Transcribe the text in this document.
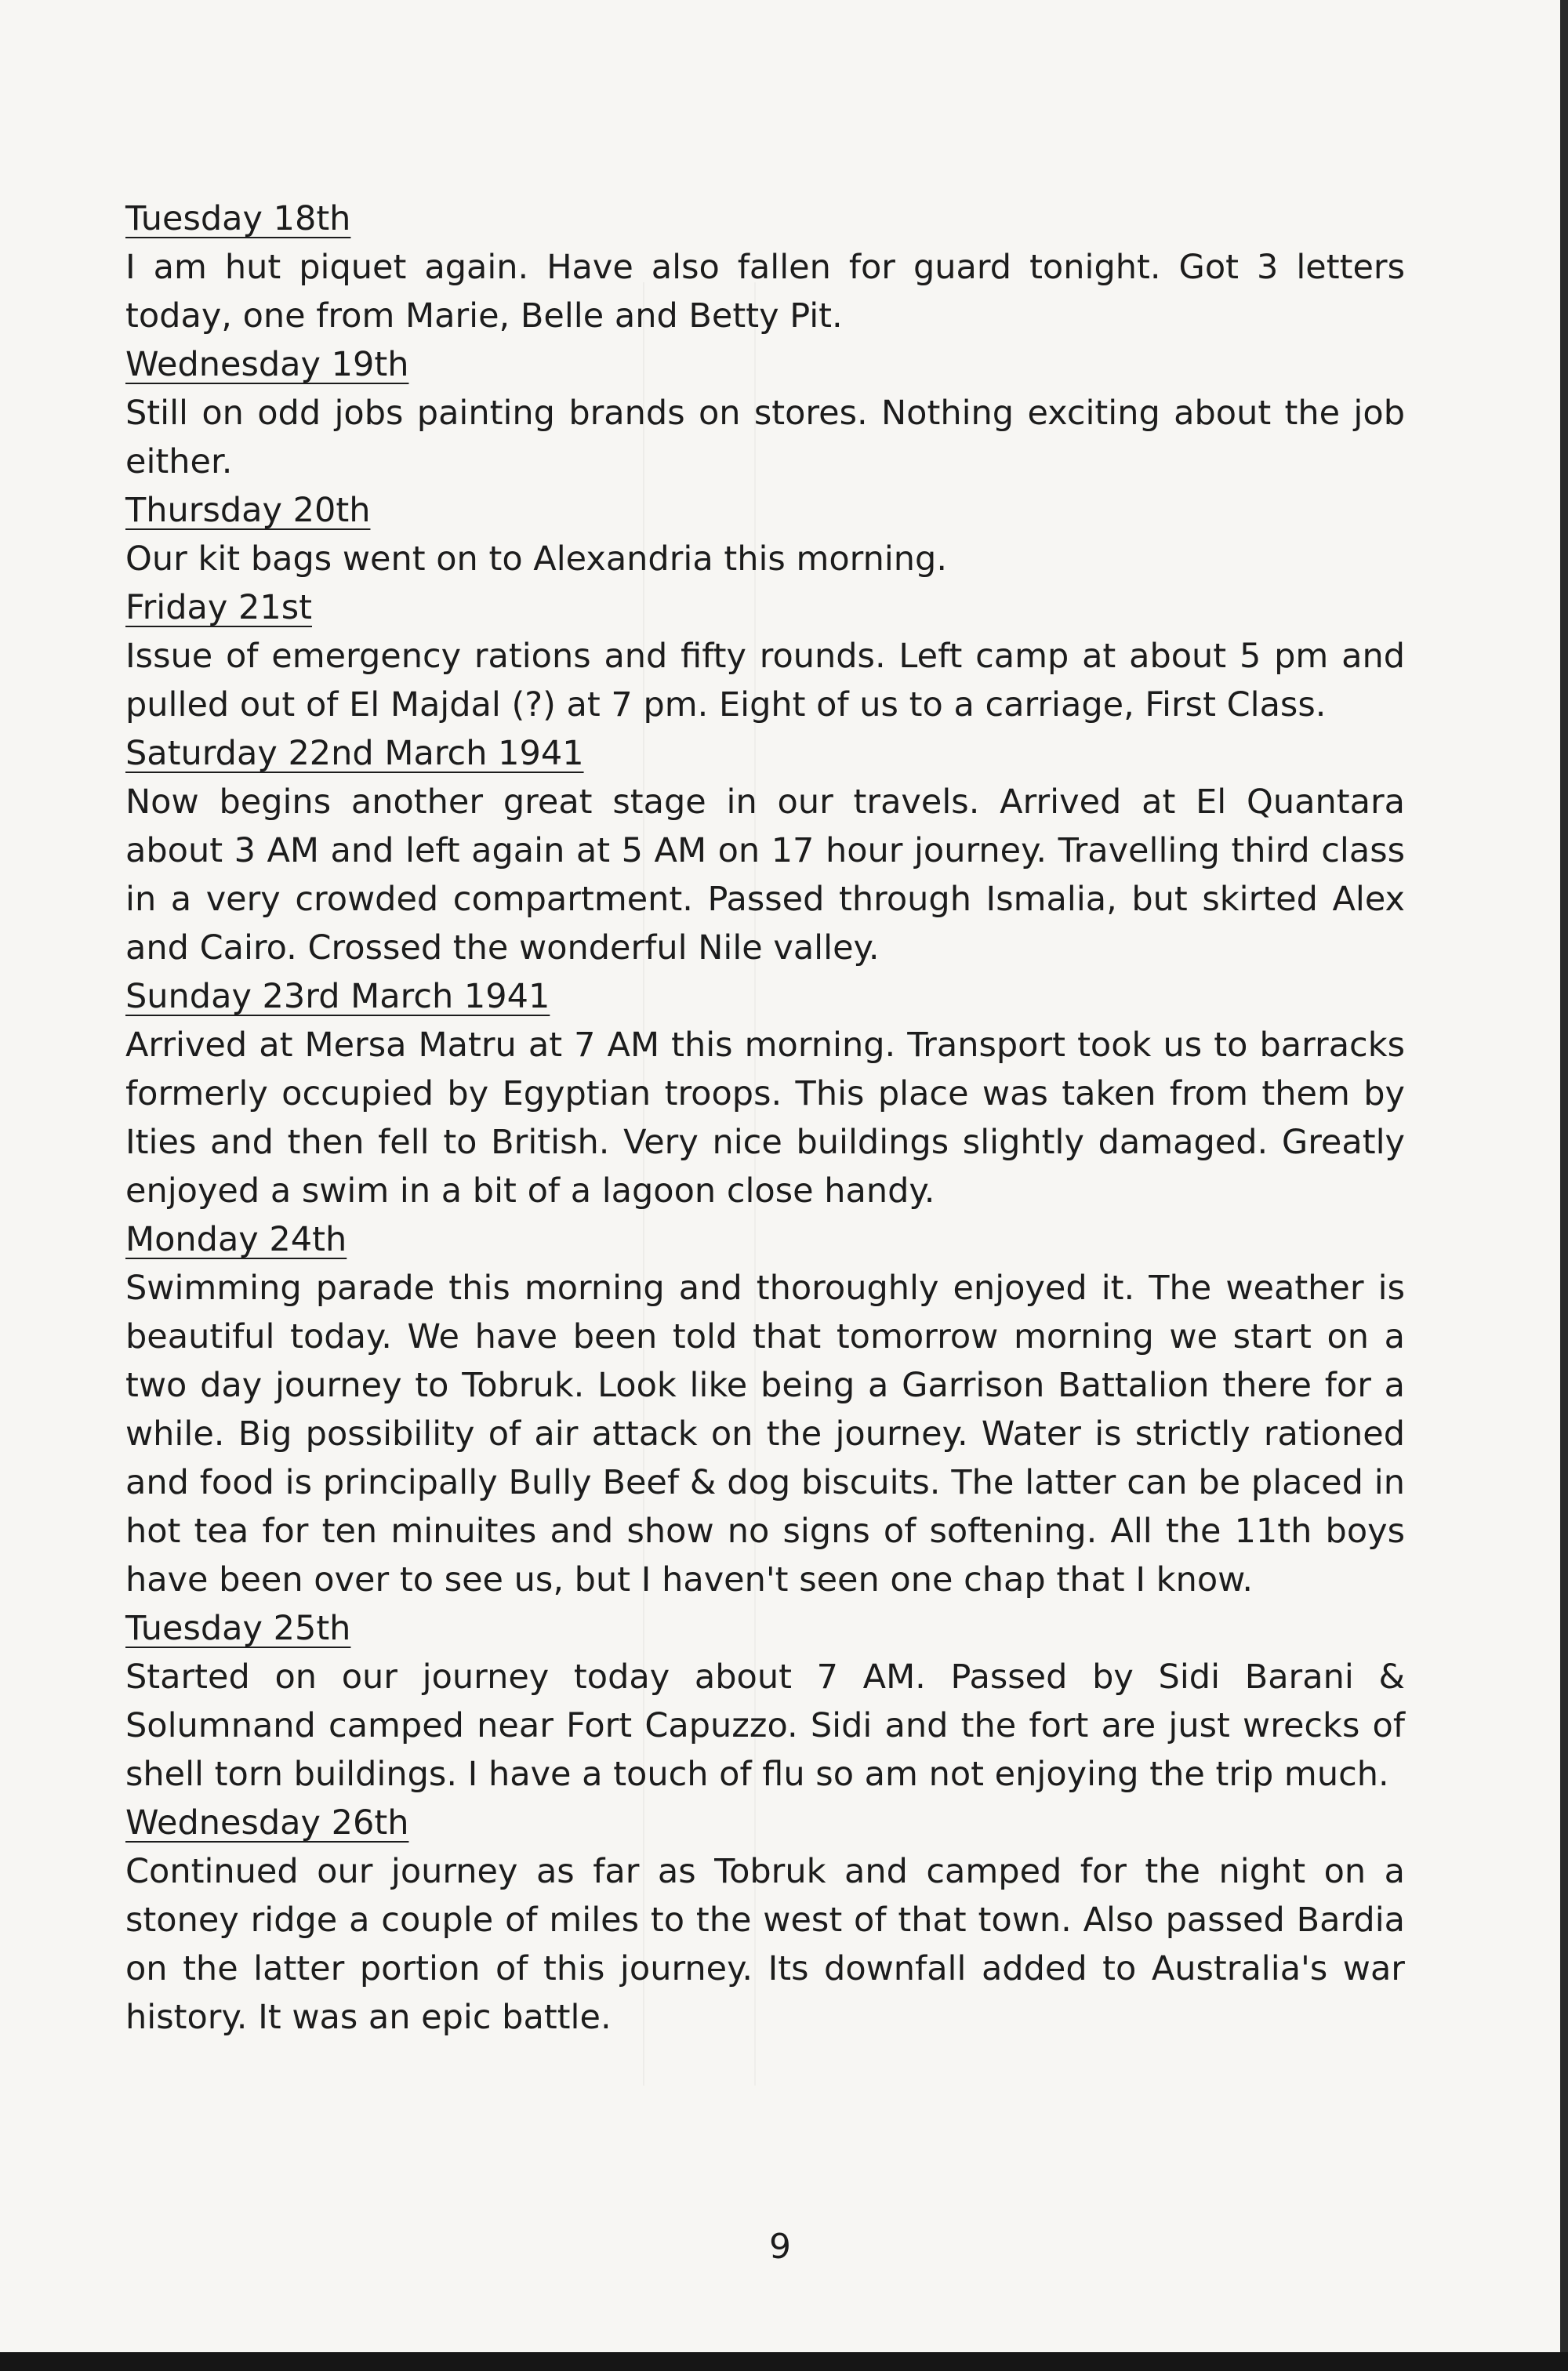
Tuesday 18th

I am hut piquet again. Have also fallen for guard tonight. Got 3 letters today, one from Marie, Belle and Betty Pit.

Wednesday 19th

Still on odd jobs painting brands on stores. Nothing exciting about the job either.

Thursday 20th

Our kit bags went on to Alexandria this morning.

Friday 21st

Issue of emergency rations and fifty rounds. Left camp at about 5 pm and pulled out of El Majdal (?) at 7 pm. Eight of us to a carriage, First Class.

Saturday 22nd March 1941

Now begins another great stage in our travels. Arrived at El Quantara about 3 AM and left again at 5 AM on 17 hour journey. Travelling third class in a very crowded compartment. Passed through Ismalia, but skirted Alex and Cairo. Crossed the wonderful Nile valley.

Sunday 23rd March 1941

Arrived at Mersa Matru at 7 AM this morning. Transport took us to barracks formerly occupied by Egyptian troops. This place was taken from them by Ities and then fell to British. Very nice buildings slightly damaged. Greatly enjoyed a swim in a bit of a lagoon close handy.

Monday 24th

Swimming parade this morning and thoroughly enjoyed it. The weather is beautiful today. We have been told that tomorrow morning we start on a two day journey to Tobruk. Look like being a Garrison Battalion there for a while. Big possibility of air attack on the journey. Water is strictly rationed and food is principally Bully Beef & dog biscuits. The latter can be placed in hot tea for ten minuites and show no signs of softening. All the 11th boys have been over to see us, but I haven't seen one chap that I know.

Tuesday 25th

Started on our journey today about 7 AM. Passed by Sidi Barani & Solumnand camped near Fort Capuzzo. Sidi and the fort are just wrecks of shell torn buildings. I have a touch of flu so am not enjoying the trip much.

Wednesday 26th

Continued our journey as far as Tobruk and camped for the night on a stoney ridge a couple of miles to the west of that town. Also passed Bardia on the latter portion of this journey. Its downfall added to Australia's war history. It was an epic battle.

9
